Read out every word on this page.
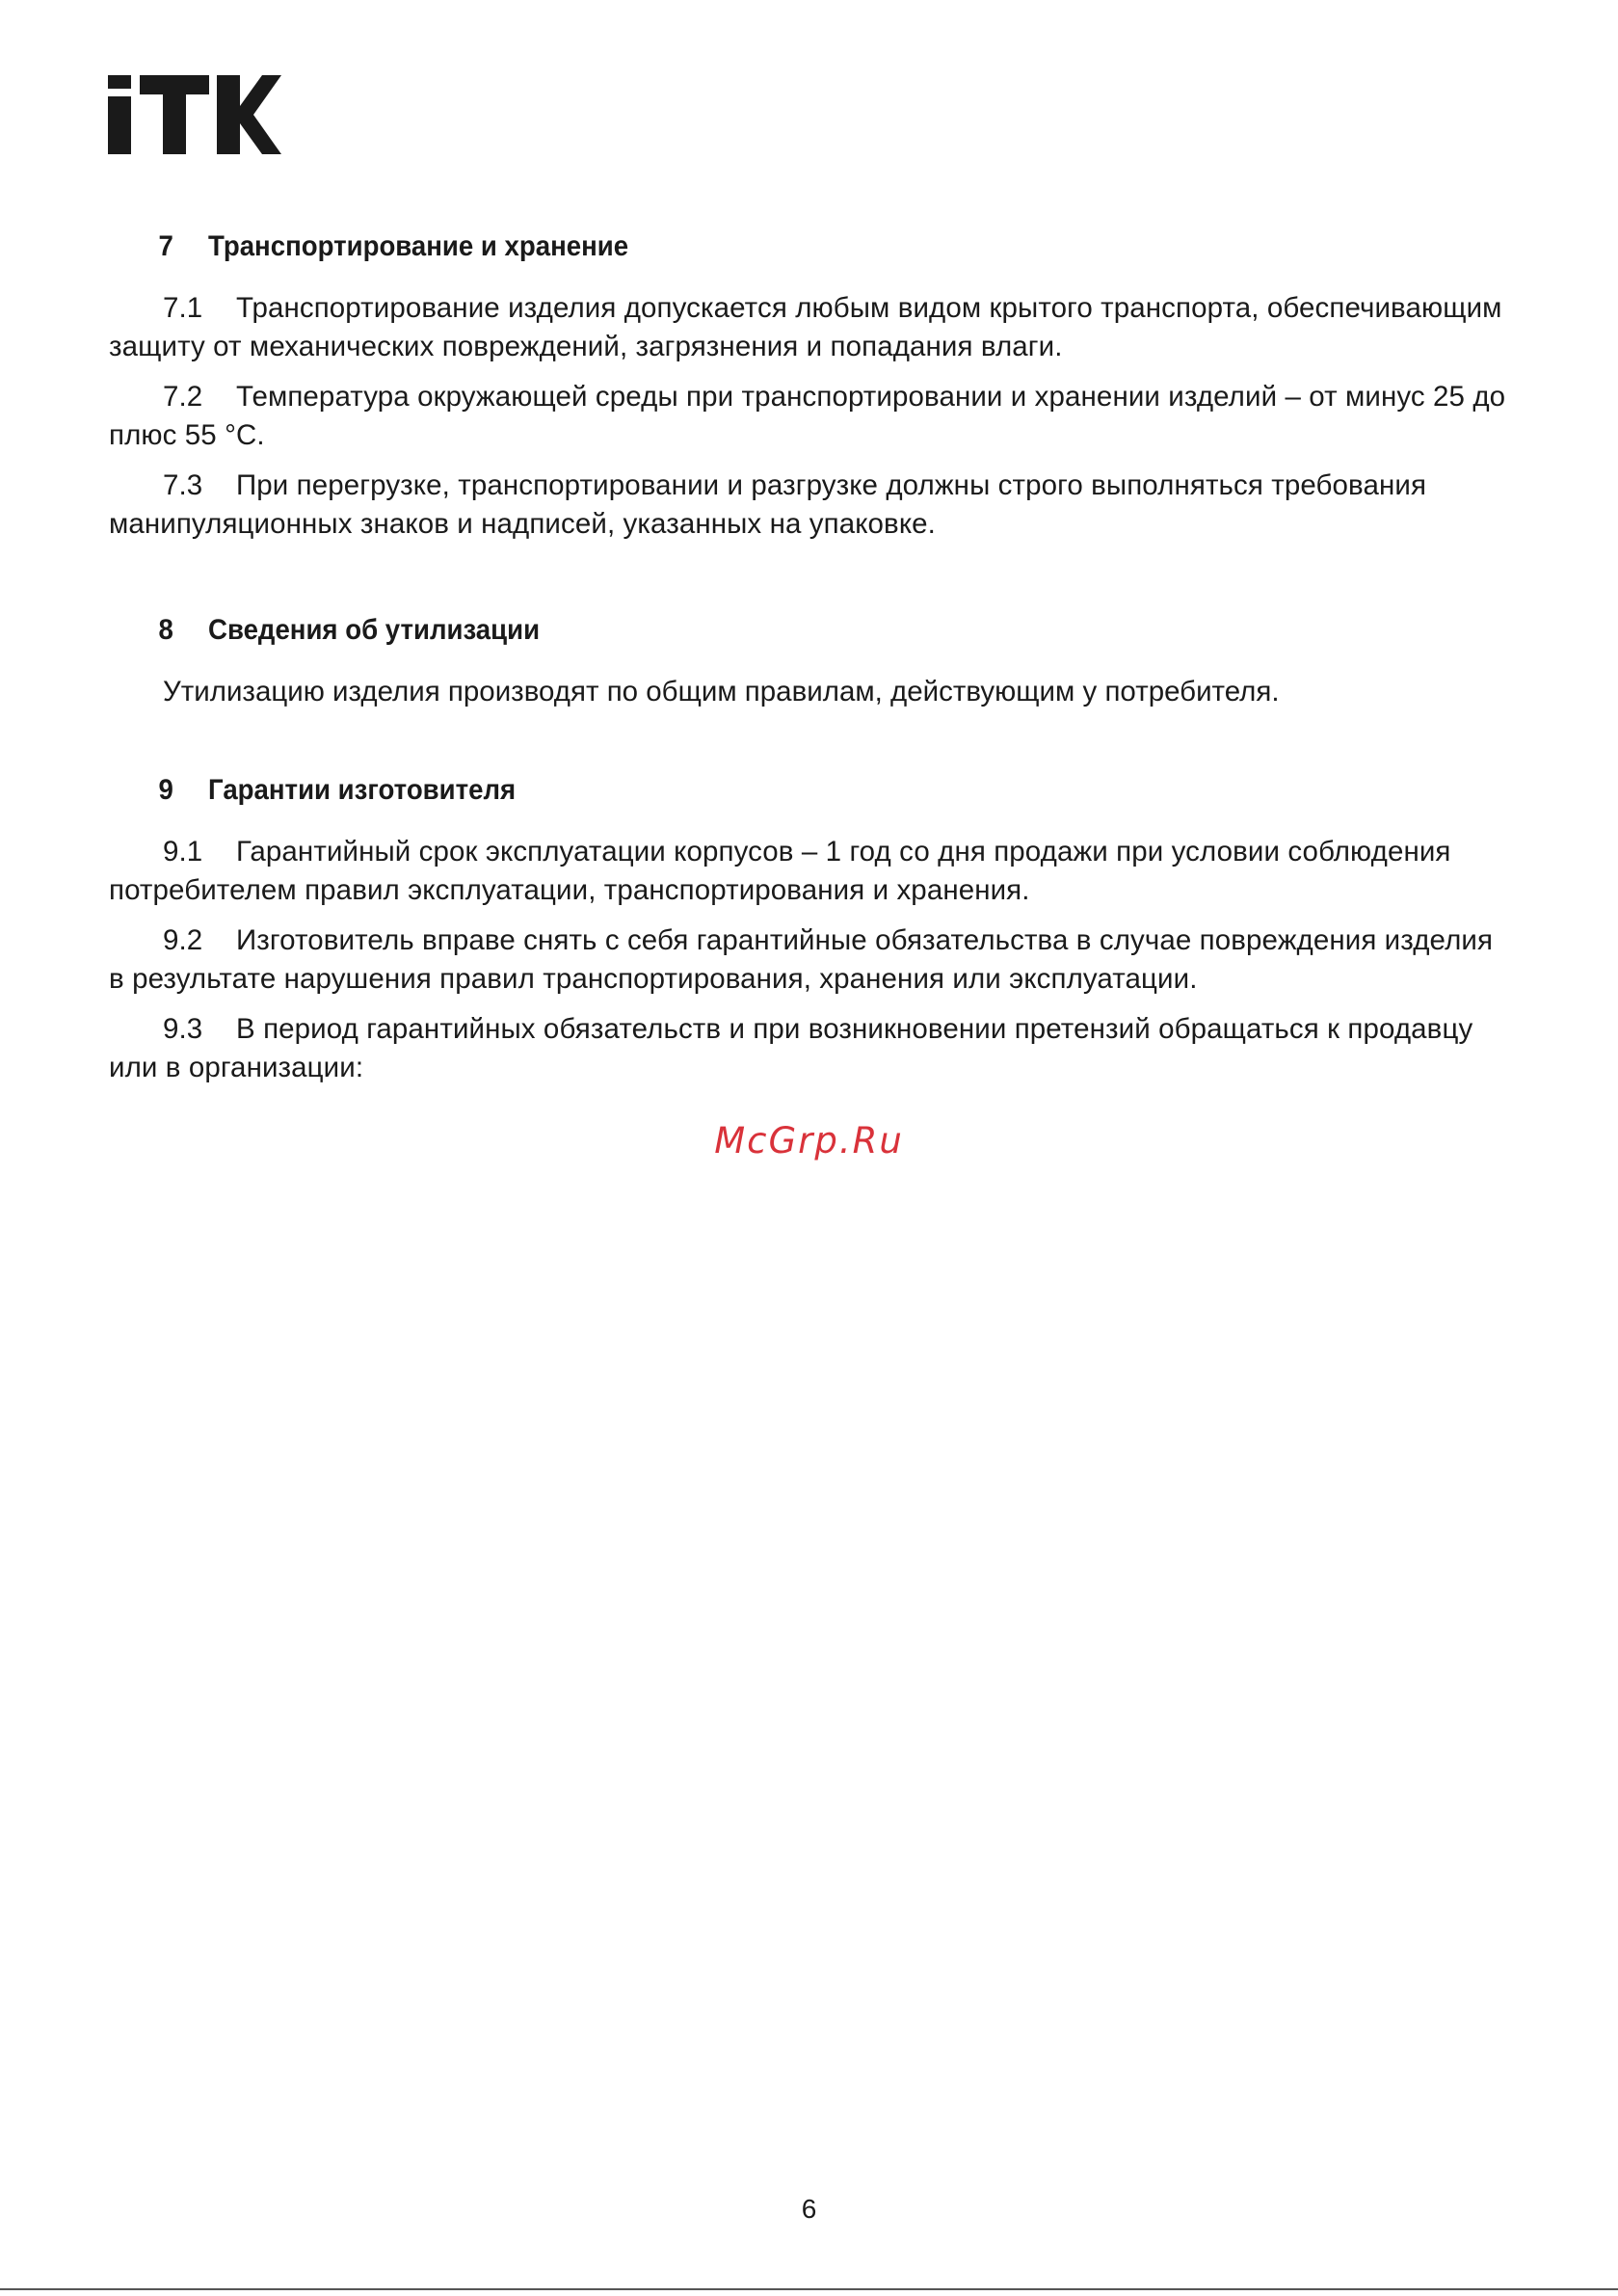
7	Транспортирование и хранение

7.1 Транспортирование изделия допускается любым видом крытого транспорта, обеспечивающим защиту от механических повреждений, загрязнения и попадания влаги.

7.2 Температура окружающей среды при транспортировании и хранении изделий – от минус 25 до плюс 55 °С.

7.3 При перегрузке, транспортировании и разгрузке должны строго выполняться требования манипуляционных знаков и надписей, указанных на упаковке.

8	Сведения об утилизации

Утилизацию изделия производят по общим правилам, действующим у потребителя.

9	Гарантии изготовителя

9.1 Гарантийный срок эксплуатации корпусов – 1 год со дня продажи при условии соблюдения потребителем правил эксплуатации, транспортирования и хранения.

9.2 Изготовитель вправе снять с себя гарантийные обязательства в случае повреждения изделия в результате нарушения правил транспортирования, хранения или эксплуатации.

9.3 В период гарантийных обязательств и при возникновении претензий обращаться к продавцу или в организации:

McGrp.Ru
6
